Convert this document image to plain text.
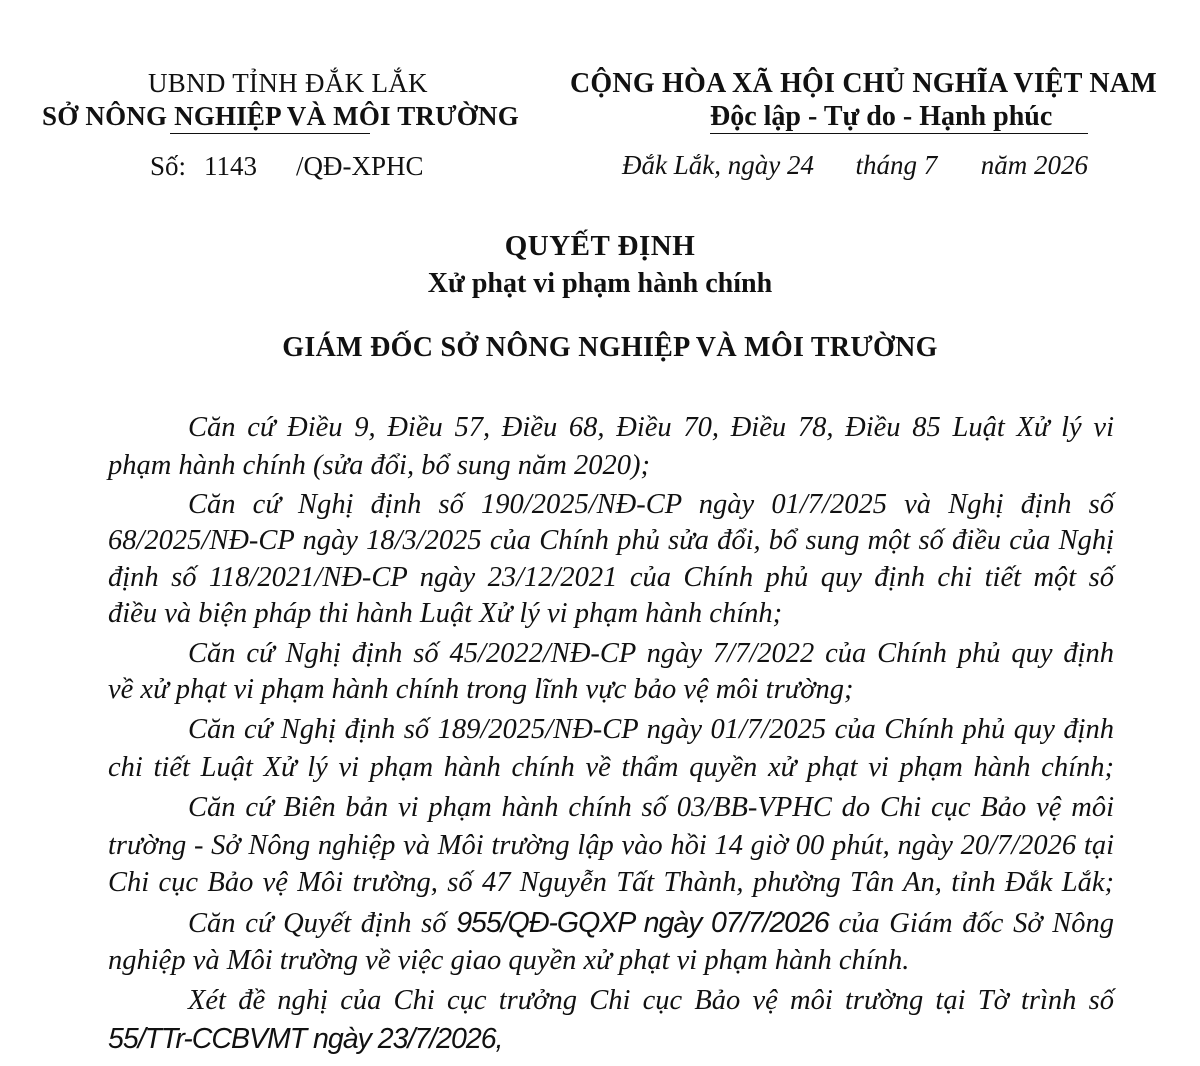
UBND TỈNH ĐẮK LẮK
SỞ NÔNG NGHIỆP VÀ MÔI TRƯỜNG
CỘNG HÒA XÃ HỘI CHỦ NGHĨA VIỆT NAM
Độc lập - Tự do - Hạnh phúc
Số: 1143 /QĐ-XPHC	Đắk Lắk, ngày 24 tháng 7 năm 2026
QUYẾT ĐỊNH
Xử phạt vi phạm hành chính
GIÁM ĐỐC SỞ NÔNG NGHIỆP VÀ MÔI TRƯỜNG
Căn cứ Điều 9, Điều 57, Điều 68, Điều 70, Điều 78, Điều 85 Luật Xử lý vi
phạm hành chính (sửa đổi, bổ sung năm 2020);
Căn cứ Nghị định số 190/2025/NĐ-CP ngày 01/7/2025 và Nghị định số
68/2025/NĐ-CP ngày 18/3/2025 của Chính phủ sửa đổi, bổ sung một số điều của Nghị
định số 118/2021/NĐ-CP ngày 23/12/2021 của Chính phủ quy định chi tiết một số
điều và biện pháp thi hành Luật Xử lý vi phạm hành chính;
Căn cứ Nghị định số 45/2022/NĐ-CP ngày 7/7/2022 của Chính phủ quy định
về xử phạt vi phạm hành chính trong lĩnh vực bảo vệ môi trường;
Căn cứ Nghị định số 189/2025/NĐ-CP ngày 01/7/2025 của Chính phủ quy định
chi tiết Luật Xử lý vi phạm hành chính về thẩm quyền xử phạt vi phạm hành chính;
Căn cứ Biên bản vi phạm hành chính số 03/BB-VPHC do Chi cục Bảo vệ môi
trường - Sở Nông nghiệp và Môi trường lập vào hồi 14 giờ 00 phút, ngày 20/7/2026 tại
Chi cục Bảo vệ Môi trường, số 47 Nguyễn Tất Thành, phường Tân An, tỉnh Đắk Lắk;
Căn cứ Quyết định số 955/QĐ-GQXP ngày 07/7/2026 của Giám đốc Sở Nông
nghiệp và Môi trường về việc giao quyền xử phạt vi phạm hành chính.
Xét đề nghị của Chi cục trưởng Chi cục Bảo vệ môi trường tại Tờ trình số
55/TTr-CCBVMT ngày 23/7/2026,
